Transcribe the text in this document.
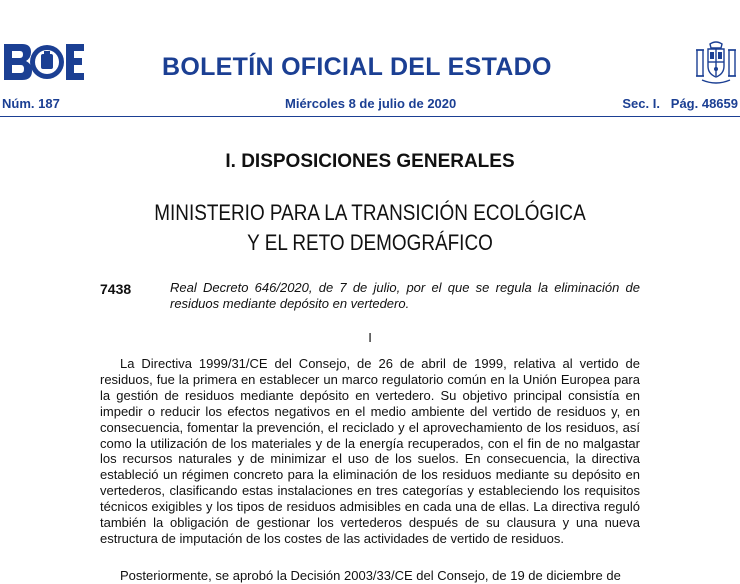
BOLETÍN OFICIAL DEL ESTADO
Núm. 187	Miércoles 8 de julio de 2020	Sec. I.   Pág. 48659
I. DISPOSICIONES GENERALES
MINISTERIO PARA LA TRANSICIÓN ECOLÓGICA
Y EL RETO DEMOGRÁFICO
7438	Real Decreto 646/2020, de 7 de julio, por el que se regula la eliminación de residuos mediante depósito en vertedero.
I

La Directiva 1999/31/CE del Consejo, de 26 de abril de 1999, relativa al vertido de residuos, fue la primera en establecer un marco regulatorio común en la Unión Europea para la gestión de residuos mediante depósito en vertedero. Su objetivo principal consistía en impedir o reducir los efectos negativos en el medio ambiente del vertido de residuos y, en consecuencia, fomentar la prevención, el reciclado y el aprovechamiento de los residuos, así como la utilización de los materiales y de la energía recuperados, con el fin de no malgastar los recursos naturales y de minimizar el uso de los suelos. En consecuencia, la directiva estableció un régimen concreto para la eliminación de los residuos mediante su depósito en vertederos, clasificando estas instalaciones en tres categorías y estableciendo los requisitos técnicos exigibles y los tipos de residuos admisibles en cada una de ellas. La directiva reguló también la obligación de gestionar los vertederos después de su clausura y una nueva estructura de imputación de los costes de las actividades de vertido de residuos.

Posteriormente, se aprobó la Decisión 2003/33/CE del Consejo, de 19 de diciembre de
